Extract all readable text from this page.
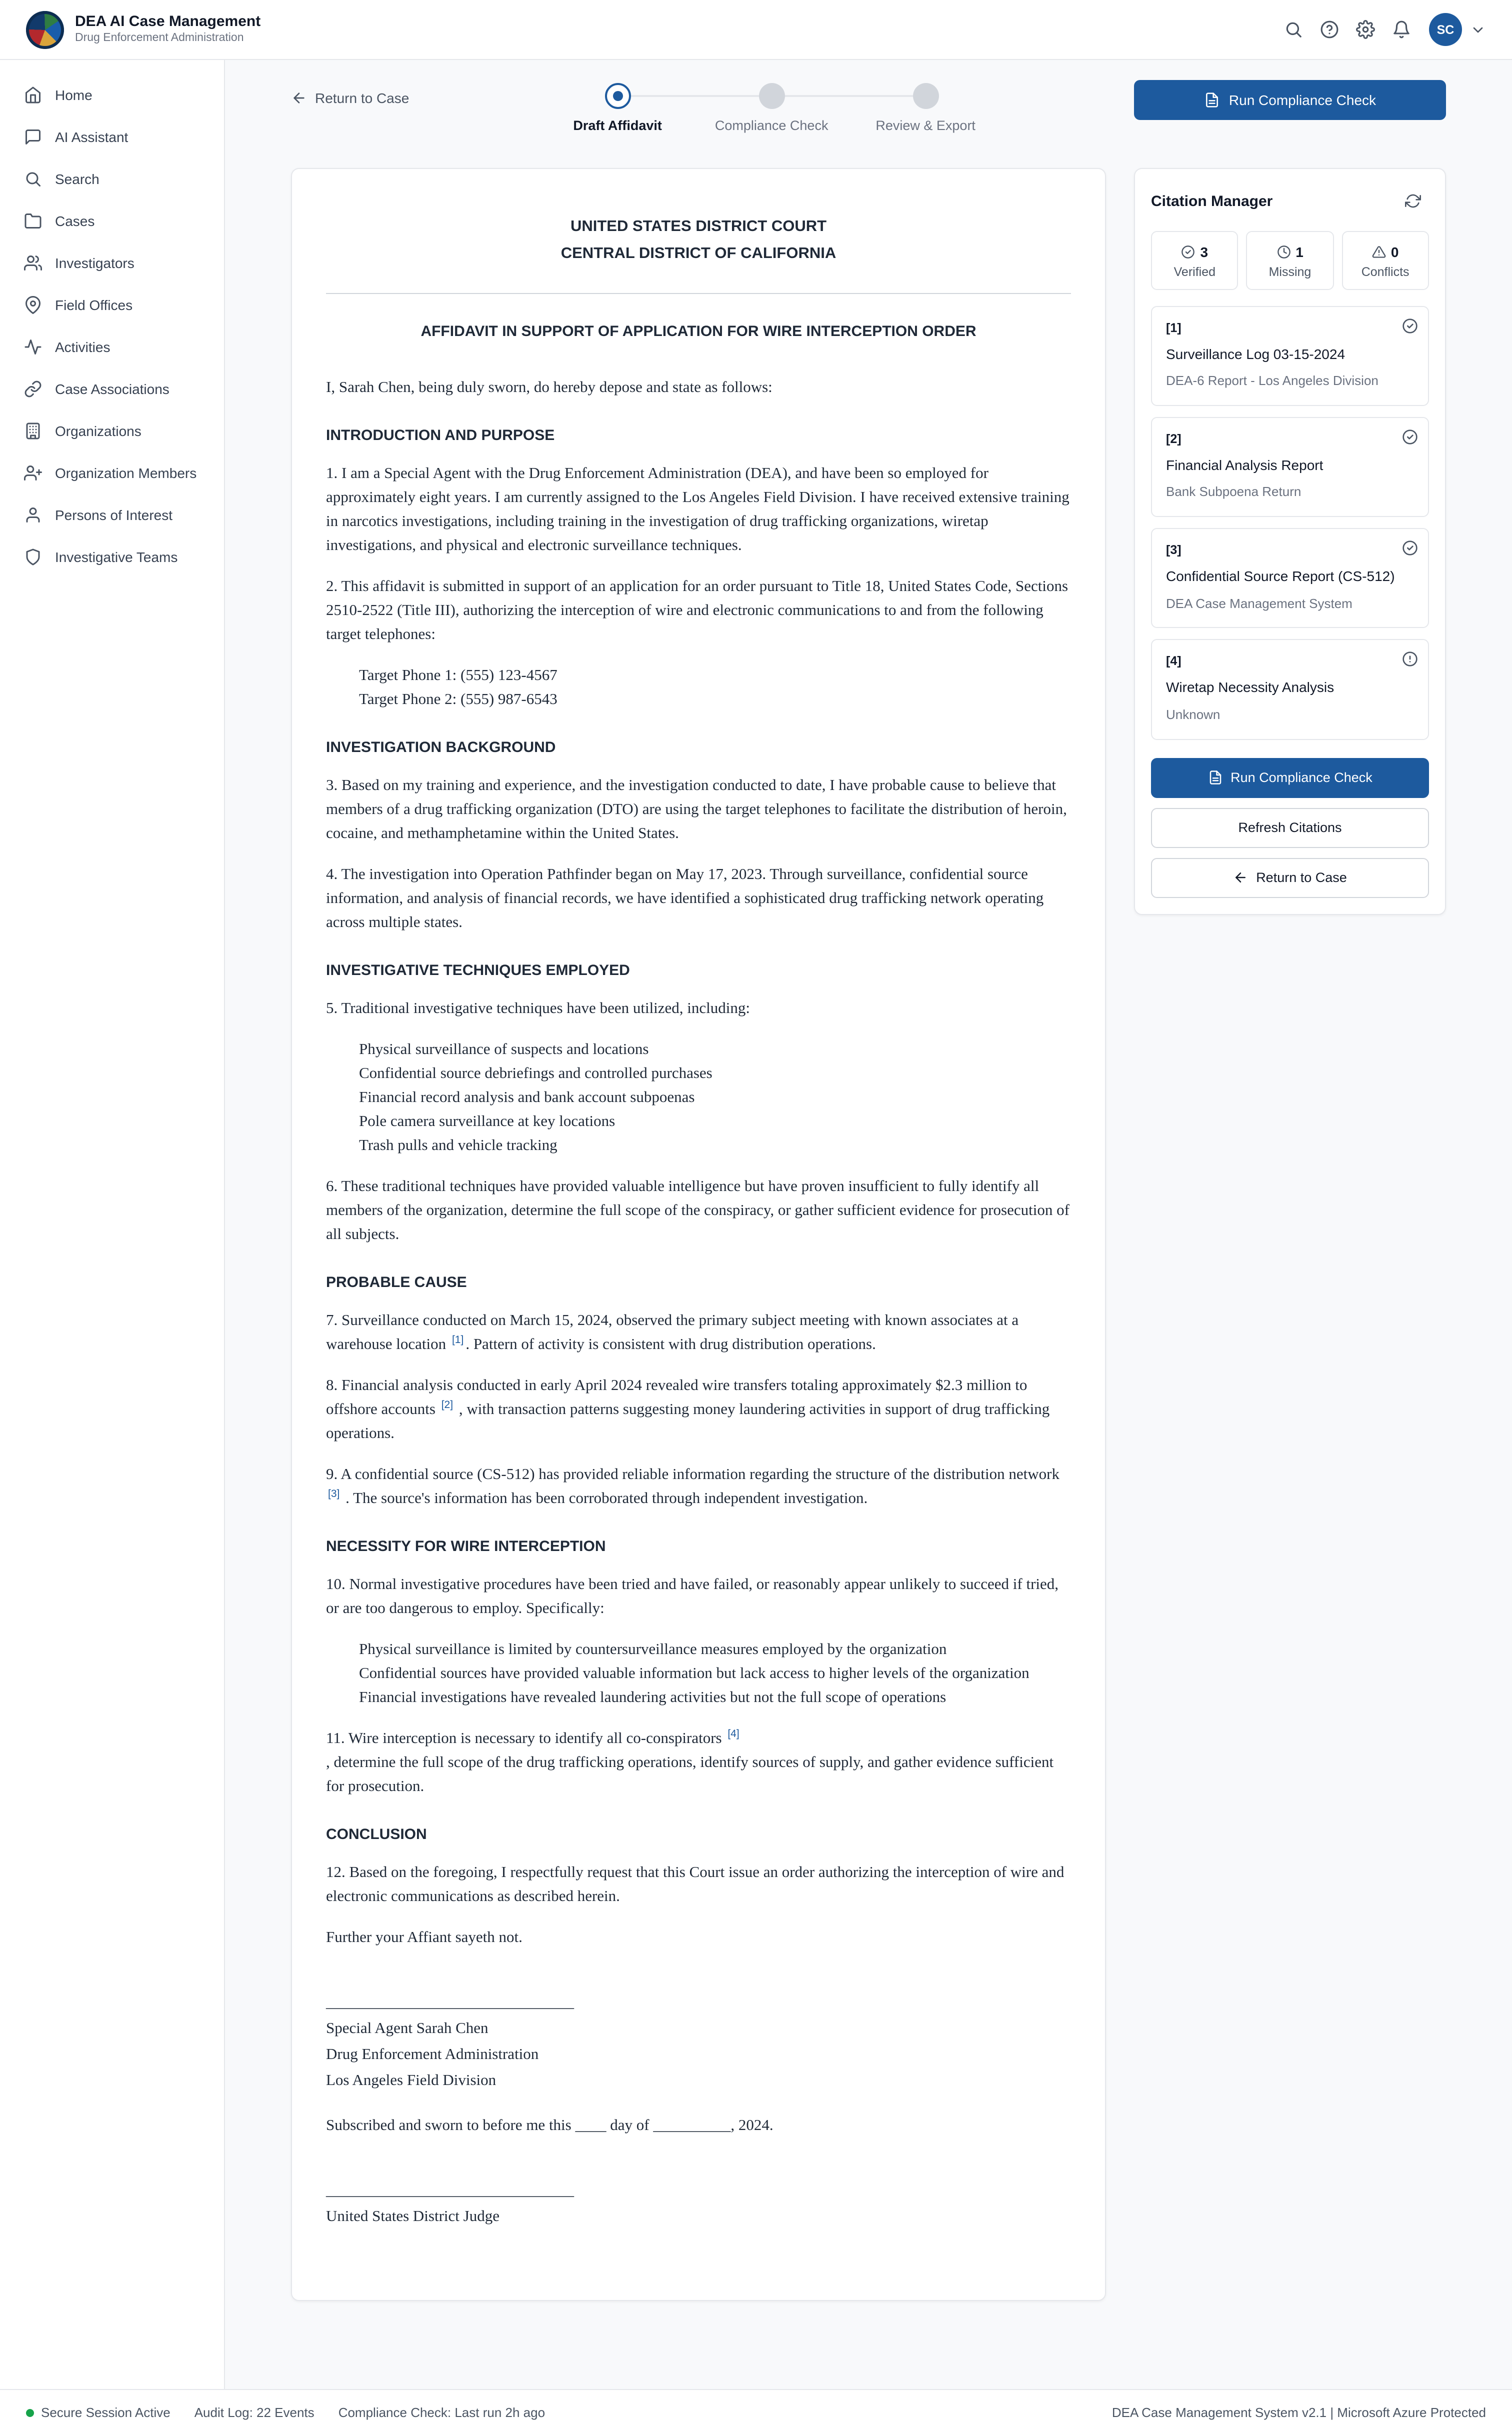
DEA AI Case Management
Drug Enforcement Administration
SC
Home
AI Assistant
Search
Cases
Investigators
Field Offices
Activities
Case Associations
Organizations
Organization Members
Persons of Interest
Investigative Teams
Return to Case
Draft Affidavit	Compliance Check	Review & Export
Run Compliance Check
UNITED STATES DISTRICT COURT
CENTRAL DISTRICT OF CALIFORNIA
AFFIDAVIT IN SUPPORT OF APPLICATION FOR WIRE INTERCEPTION ORDER

I, Sarah Chen, being duly sworn, do hereby depose and state as follows:

INTRODUCTION AND PURPOSE

1. I am a Special Agent with the Drug Enforcement Administration (DEA), and have been so employed for approximately eight years. I am currently assigned to the Los Angeles Field Division. I have received extensive training in narcotics investigations, including training in the investigation of drug trafficking organizations, wiretap investigations, and physical and electronic surveillance techniques.

2. This affidavit is submitted in support of an application for an order pursuant to Title 18, United States Code, Sections 2510-2522 (Title III), authorizing the interception of wire and electronic communications to and from the following target telephones:

Target Phone 1: (555) 123-4567
Target Phone 2: (555) 987-6543
INVESTIGATION BACKGROUND

3. Based on my training and experience, and the investigation conducted to date, I have probable cause to believe that members of a drug trafficking organization (DTO) are using the target telephones to facilitate the distribution of heroin, cocaine, and methamphetamine within the United States.

4. The investigation into Operation Pathfinder began on May 17, 2023. Through surveillance, confidential source information, and analysis of financial records, we have identified a sophisticated drug trafficking network operating across multiple states.

INVESTIGATIVE TECHNIQUES EMPLOYED

5. Traditional investigative techniques have been utilized, including:

Physical surveillance of suspects and locations
Confidential source debriefings and controlled purchases
Financial record analysis and bank account subpoenas
Pole camera surveillance at key locations
Trash pulls and vehicle tracking

6. These traditional techniques have provided valuable intelligence but have proven insufficient to fully identify all members of the organization, determine the full scope of the conspiracy, or gather sufficient evidence for prosecution of all subjects.

PROBABLE CAUSE

7. Surveillance conducted on March 15, 2024, observed the primary subject meeting with known associates at a warehouse location [1] . Pattern of activity is consistent with drug distribution operations.

8. Financial analysis conducted in early April 2024 revealed wire transfers totaling approximately $2.3 million to offshore accounts [2] , with transaction patterns suggesting money laundering activities in support of drug trafficking operations.

9. A confidential source (CS-512) has provided reliable information regarding the structure of the distribution network [3] . The source's information has been corroborated through independent investigation.

NECESSITY FOR WIRE INTERCEPTION

10. Normal investigative procedures have been tried and have failed, or reasonably appear unlikely to succeed if tried, or are too dangerous to employ. Specifically:

Physical surveillance is limited by countersurveillance measures employed by the organization
Confidential sources have provided valuable information but lack access to higher levels of the organization
Financial investigations have revealed laundering activities but not the full scope of operations

11. Wire interception is necessary to identify all co-conspirators [4]
, determine the full scope of the drug trafficking operations, identify sources of supply, and gather evidence sufficient for prosecution.

CONCLUSION

12. Based on the foregoing, I respectfully request that this Court issue an order authorizing the interception of wire and electronic communications as described herein.

Further your Affiant sayeth not.

________________________________
Special Agent Sarah Chen
Drug Enforcement Administration
Los Angeles Field Division

Subscribed and sworn to before me this ____ day of __________, 2024.

________________________________
United States District Judge
Citation Manager
3
Verified
1
Missing
0
Conflicts
[1]
Surveillance Log 03-15-2024
DEA-6 Report - Los Angeles Division
[2]
Financial Analysis Report
Bank Subpoena Return
[3]
Confidential Source Report (CS-512)
DEA Case Management System
[4]
Wiretap Necessity Analysis
Unknown
Run Compliance Check
Refresh Citations
Return to Case
Secure Session Active	Audit Log: 22 Events	Compliance Check: Last run 2h ago	DEA Case Management System v2.1 | Microsoft Azure Protected
